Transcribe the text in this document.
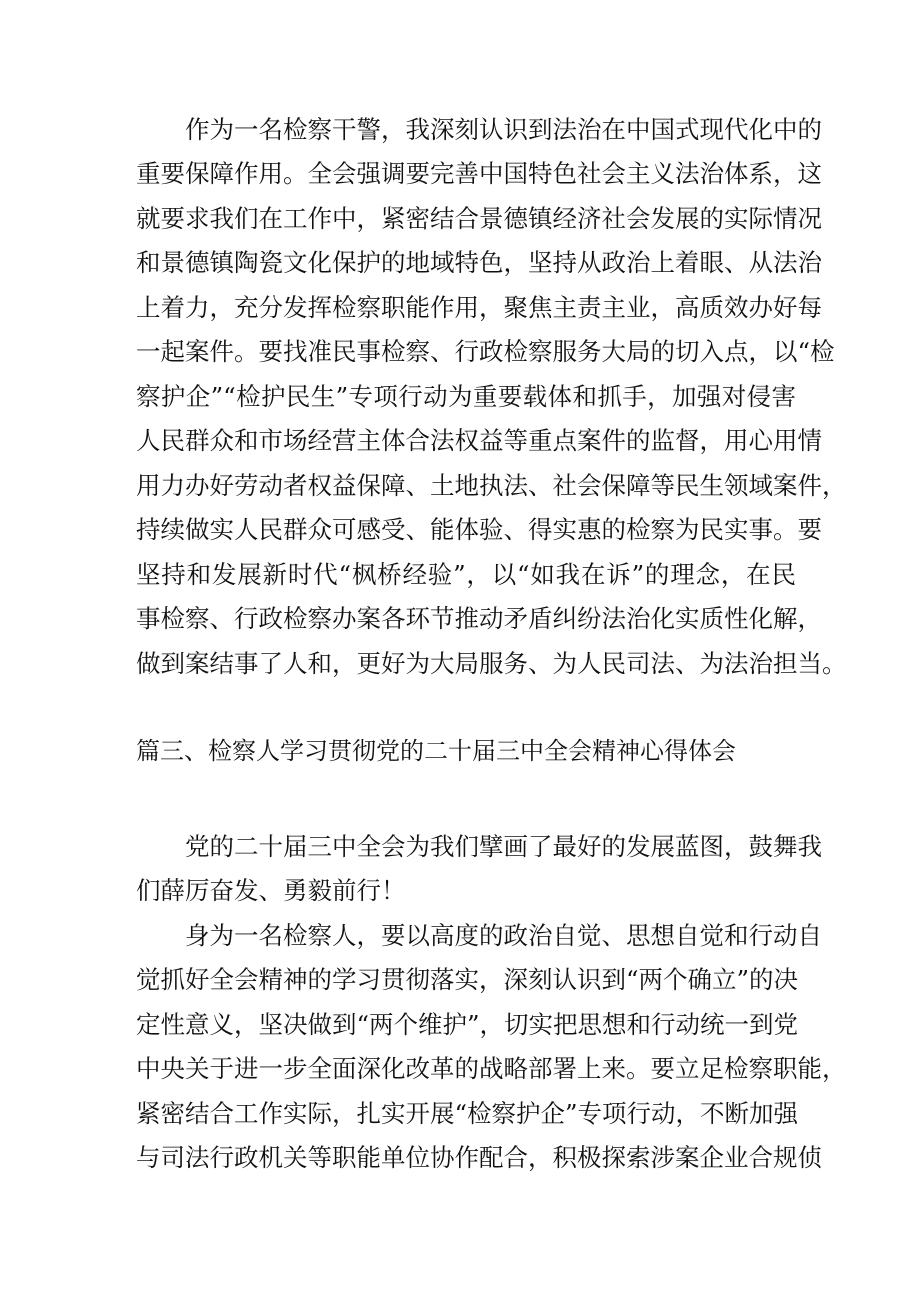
作为一名检察干警，我深刻认识到法治在中国式现代化中的
重要保障作用。全会强调要完善中国特色社会主义法治体系，这
就要求我们在工作中，紧密结合景德镇经济社会发展的实际情况
和景德镇陶瓷文化保护的地域特色，坚持从政治上着眼、从法治
上着力，充分发挥检察职能作用，聚焦主责主业，高质效办好每
一起案件。要找准民事检察、行政检察服务大局的切入点，以“检
察护企”“检护民生”专项行动为重要载体和抓手，加强对侵害
人民群众和市场经营主体合法权益等重点案件的监督，用心用情
用力办好劳动者权益保障、土地执法、社会保障等民生领域案件，
持续做实人民群众可感受、能体验、得实惠的检察为民实事。要
坚持和发展新时代“枫桥经验”，以“如我在诉”的理念，在民
事检察、行政检察办案各环节推动矛盾纠纷法治化实质性化解，
做到案结事了人和，更好为大局服务、为人民司法、为法治担当。
篇三、检察人学习贯彻党的二十届三中全会精神心得体会
党的二十届三中全会为我们擘画了最好的发展蓝图，鼓舞我
们薛厉奋发、勇毅前行！
身为一名检察人，要以高度的政治自觉、思想自觉和行动自
觉抓好全会精神的学习贯彻落实，深刻认识到“两个确立”的决
定性意义，坚决做到“两个维护”，切实把思想和行动统一到党
中央关于进一步全面深化改革的战略部署上来。要立足检察职能，
紧密结合工作实际，扎实开展“检察护企”专项行动，不断加强
与司法行政机关等职能单位协作配合，积极探索涉案企业合规侦
